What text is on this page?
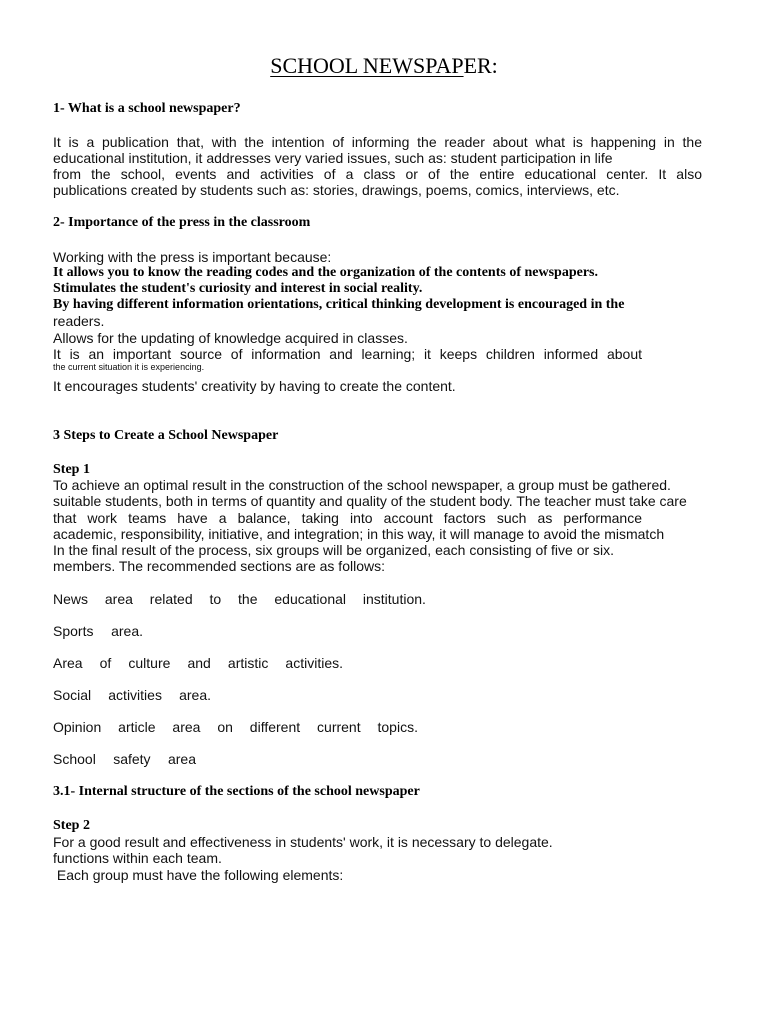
SCHOOL NEWSPAPER:
1- What is a school newspaper?
It is a publication that, with the intention of informing the reader about what is happening in the
educational institution, it addresses very varied issues, such as: student participation in life
from the school, events and activities of a class or of the entire educational center. It also
publications created by students such as: stories, drawings, poems, comics, interviews, etc.
2- Importance of the press in the classroom
Working with the press is important because:
It allows you to know the reading codes and the organization of the contents of newspapers.
Stimulates the student's curiosity and interest in social reality.
By having different information orientations, critical thinking development is encouraged in the
readers.
Allows for the updating of knowledge acquired in classes.
It is an important source of information and learning; it keeps children informed about
the current situation it is experiencing.
It encourages students' creativity by having to create the content.
3 Steps to Create a School Newspaper
Step 1
To achieve an optimal result in the construction of the school newspaper, a group must be gathered.
suitable students, both in terms of quantity and quality of the student body. The teacher must take care
that work teams have a balance, taking into account factors such as performance
academic, responsibility, initiative, and integration; in this way, it will manage to avoid the mismatch
In the final result of the process, six groups will be organized, each consisting of five or six.
members. The recommended sections are as follows:
News area related to the educational institution.
Sports area.
Area of culture and artistic activities.
Social activities area.
Opinion article area on different current topics.
School safety area
3.1- Internal structure of the sections of the school newspaper
Step 2
For a good result and effectiveness in students' work, it is necessary to delegate.
functions within each team.
Each group must have the following elements:
